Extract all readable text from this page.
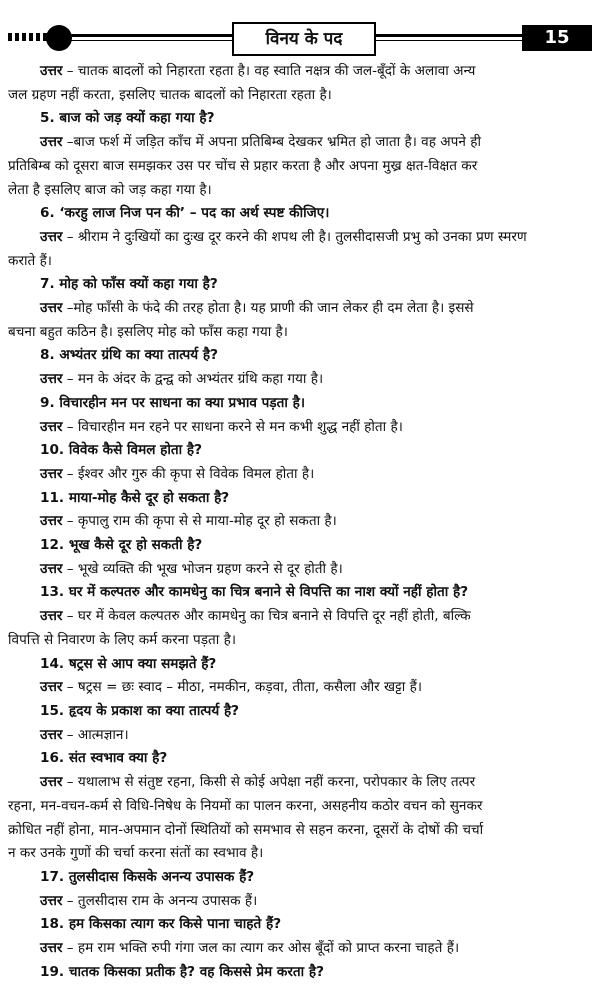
विनय के पद	15
उत्तर – चातक बादलों को निहारता रहता है। वह स्वाति नक्षत्र की जल-बूँदों के अलावा अन्य
जल ग्रहण नहीं करता, इसलिए चातक बादलों को निहारता रहता है।
5. बाज को जड़ क्यों कहा गया है?
उत्तर –बाज फर्श में जड़ित काँच में अपना प्रतिबिम्ब देखकर भ्रमित हो जाता है। वह अपने ही
प्रतिबिम्ब को दूसरा बाज समझकर उस पर चोंच से प्रहार करता है और अपना मुख्र क्षत-विक्षत कर
लेता है इसलिए बाज को जड़ कहा गया है।
6. ‘करहु लाज निज पन की’ – पद का अर्थ स्पष्ट कीजिए।
उत्तर – श्रीराम ने दुःखियों का दुःख दूर करने की शपथ ली है। तुलसीदासजी प्रभु को उनका प्रण स्मरण
कराते हैं।
7. मोह को फाँस क्यों कहा गया है?
उत्तर –मोह फाँसी के फंदे की तरह होता है। यह प्राणी की जान लेकर ही दम लेता है। इससे
बचना बहुत कठिन है। इसलिए मोह को फाँस कहा गया है।
8. अभ्यंतर ग्रंथि का क्या तात्पर्य है?
उत्तर – मन के अंदर के द्वन्द्व को अभ्यंतर ग्रंथि कहा गया है।
9. विचारहीन मन पर साधना का क्या प्रभाव पड़ता है।
उत्तर – विचारहीन मन रहने पर साधना करने से मन कभी शुद्ध नहीं होता है।
10. विवेक कैसे विमल होता है?
उत्तर – ईश्वर और गुरु की कृपा से विवेक विमल होता है।
11. माया-मोह कैसे दूर हो सकता है?
उत्तर – कृपालु राम की कृपा से से माया-मोह दूर हो सकता है।
12. भूख कैसे दूर हो सकती है?
उत्तर – भूखे व्यक्ति की भूख भोजन ग्रहण करने से दूर होती है।
13. घर में कल्पतरु और कामधेनु का चित्र बनाने से विपत्ति का नाश क्यों नहीं होता है?
उत्तर – घर में केवल कल्पतरु और कामधेनु का चित्र बनाने से विपत्ति दूर नहीं होती, बल्कि
विपत्ति से निवारण के लिए कर्म करना पड़ता है।
14. षट्रस से आप क्या समझते हैं?
उत्तर – षट्रस = छः स्वाद – मीठा, नमकीन, कड़वा, तीता, कसैला और खट्टा हैं।
15. हृदय के प्रकाश का क्या तात्पर्य है?
उत्तर – आत्मज्ञान।
16. संत स्वभाव क्या है?
उत्तर – यथालाभ से संतुष्ट रहना, किसी से कोई अपेक्षा नहीं करना, परोपकार के लिए तत्पर
रहना, मन-वचन-कर्म से विधि-निषेध के नियमों का पालन करना, असहनीय कठोर वचन को सुनकर
क्रोधित नहीं होना, मान-अपमान दोनों स्थितियों को समभाव से सहन करना, दूसरों के दोषों की चर्चा
न कर उनके गुणों की चर्चा करना संतों का स्वभाव है।
17. तुलसीदास किसके अनन्य उपासक हैं?
उत्तर – तुलसीदास राम के अनन्य उपासक हैं।
18. हम किसका त्याग कर किसे पाना चाहते हैं?
उत्तर – हम राम भक्ति रुपी गंगा जल का त्याग कर ओस बूँदों को प्राप्त करना चाहते हैं।
19. चातक किसका प्रतीक है? वह किससे प्रेम करता है?
